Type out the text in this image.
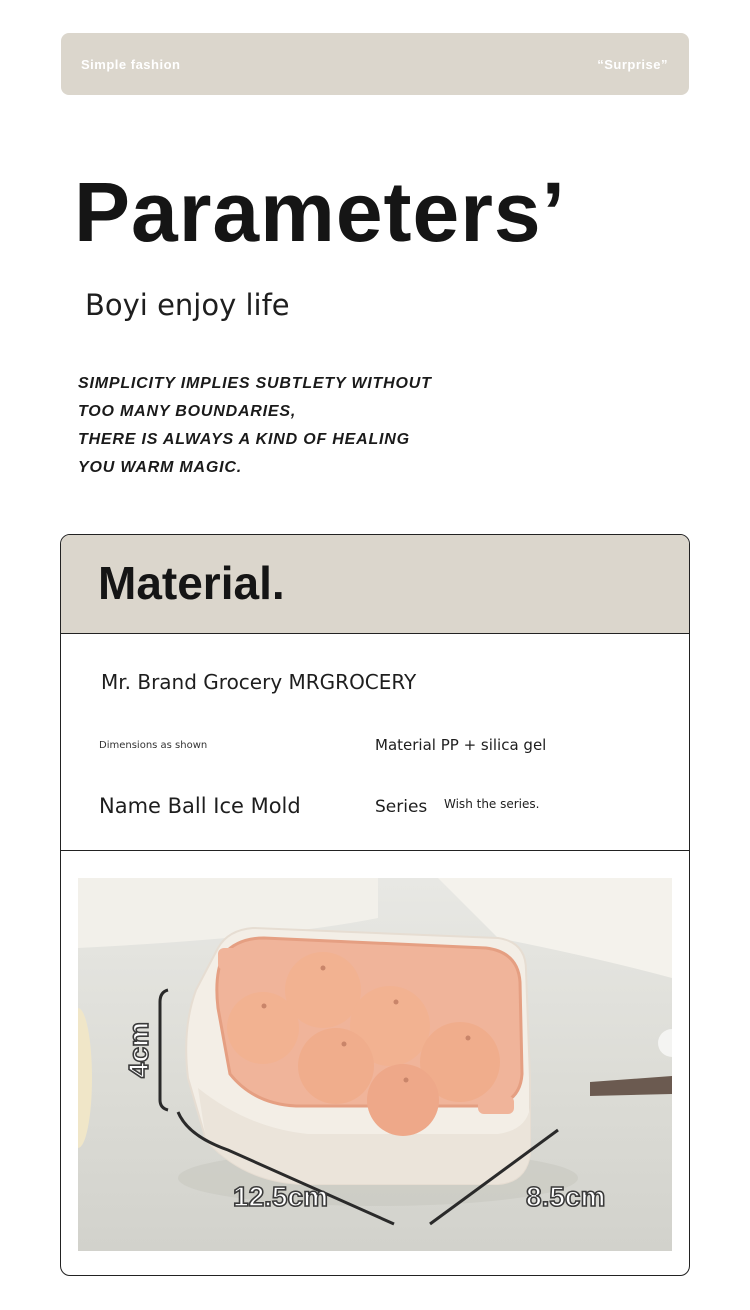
Simple fashion	“Surprise”
Parameters’
Boyi enjoy life
SIMPLICITY IMPLIES SUBTLETY WITHOUT
TOO MANY BOUNDARIES,
THERE IS ALWAYS A KIND OF HEALING
YOU WARM MAGIC.
Material.
Mr. Brand Grocery MRGROCERY
Dimensions as shown	Material PP + silica gel
Name Ball Ice Mold	Series Wish the series.
4cm
12.5cm	8.5cm
